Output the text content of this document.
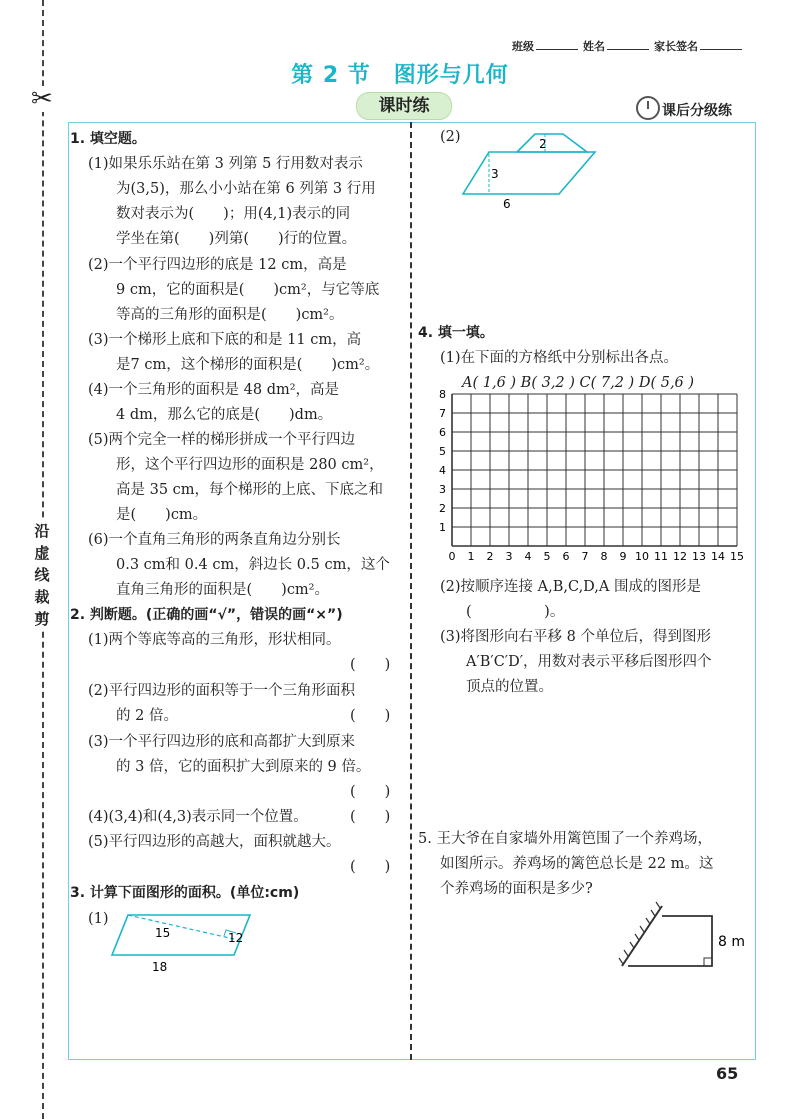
✂
沿
虚
线
裁
剪
班级	姓名	家长签名
第 2 节　图形与几何
课时练	课后分级练
1. 填空题。
(1)如果乐乐站在第 3 列第 5 行用数对表示
为(3,5)，那么小小站在第 6 列第 3 行用
数对表示为(　　)；用(4,1)表示的同
学坐在第(　　)列第(　　)行的位置。
(2)一个平行四边形的底是 12 cm，高是
9 cm，它的面积是(　　)cm²，与它等底
等高的三角形的面积是(　　)cm²。
(3)一个梯形上底和下底的和是 11 cm，高
是7 cm，这个梯形的面积是(　　)cm²。
(4)一个三角形的面积是 48 dm²，高是
4 dm，那么它的底是(　　)dm。
(5)两个完全一样的梯形拼成一个平行四边
形，这个平行四边形的面积是 280 cm²，
高是 35 cm，每个梯形的上底、下底之和
是(　　)cm。
(6)一个直角三角形的两条直角边分别长
0.3 cm和 0.4 cm，斜边长 0.5 cm，这个
直角三角形的面积是(　　)cm²。
2. 判断题。(正确的画“√”，错误的画“×”)
(1)两个等底等高的三角形，形状相同。
(　　)
(2)平行四边形的面积等于一个三角形面积
的 2 倍。	(　　)
(3)一个平行四边形的底和高都扩大到原来
的 3 倍，它的面积扩大到原来的 9 倍。
(　　)
(4)(3,4)和(4,3)表示同一个位置。	(　　)
(5)平行四边形的高越大，面积就越大。
(　　)
3. 计算下面图形的面积。(单位:cm)
(1)
15	12
18
(2)	2
3
6
4. 填一填。
(1)在下面的方格纸中分别标出各点。
A( 1,6 ) B( 3,2 ) C( 7,2 ) D( 5,6 )
0 1 2 3 4 5 6 7 8 9 10 11 12 13 14 15
1
2
3
4
5
6
7
8
(2)按顺序连接 A,B,C,D,A 围成的图形是
(　　　　　)。
(3)将图形向右平移 8 个单位后，得到图形
A′B′C′D′，用数对表示平移后图形四个
顶点的位置。
5. 王大爷在自家墙外用篱笆围了一个养鸡场，
如图所示。养鸡场的篱笆总长是 22 m。这
个养鸡场的面积是多少?
8 m
65
